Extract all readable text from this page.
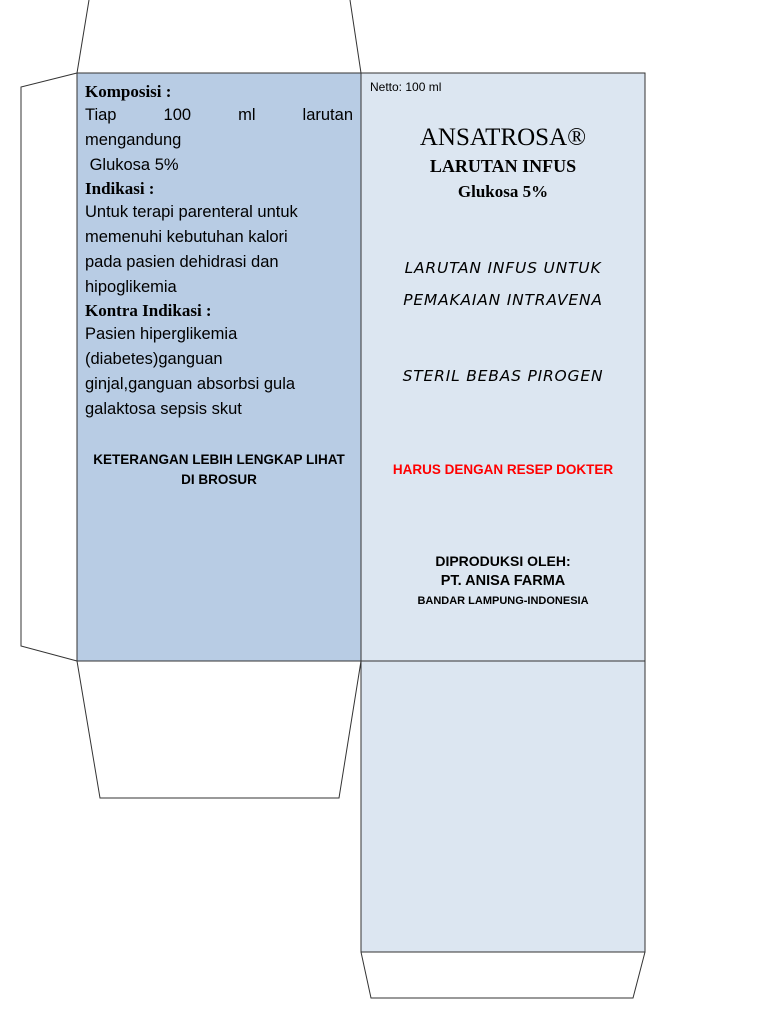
Komposisi :

Tiap	100	ml	larutan

mengandung

Glukosa 5%

Indikasi :

Untuk terapi parenteral untuk

memenuhi kebutuhan kalori

pada pasien dehidrasi dan

hipoglikemia

Kontra Indikasi :

Pasien hiperglikemia

(diabetes)ganguan

ginjal,ganguan absorbsi gula

galaktosa sepsis skut

KETERANGAN LEBIH LENGKAP LIHAT
DI BROSUR
Netto: 100 ml
ANSATROSA®
LARUTAN INFUS
Glukosa 5%
LARUTAN INFUS UNTUK
PEMAKAIAN INTRAVENA
STERIL BEBAS PIROGEN
HARUS DENGAN RESEP DOKTER
DIPRODUKSI OLEH:
PT. ANISA FARMA
BANDAR LAMPUNG-INDONESIA
